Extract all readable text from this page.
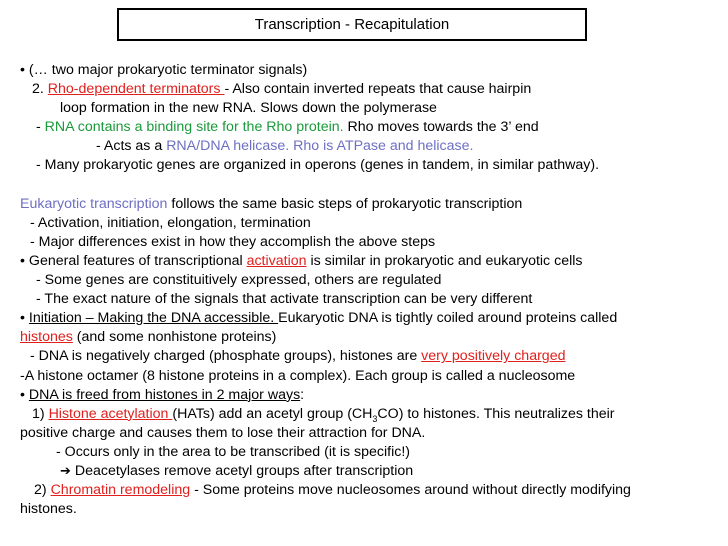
Transcription - Recapitulation
• (… two major prokaryotic terminator signals)
2. Rho-dependent terminators - Also contain inverted repeats that cause hairpin
loop formation in the new RNA. Slows down the polymerase
- RNA contains a binding site for the Rho protein. Rho moves towards the 3’ end
- Acts as a RNA/DNA helicase. Rho is ATPase and helicase.
- Many prokaryotic genes are organized in operons (genes in tandem, in similar pathway).
Eukaryotic transcription follows the same basic steps of prokaryotic transcription
- Activation, initiation, elongation, termination
- Major differences exist in how they accomplish the above steps
• General features of transcriptional activation is similar in prokaryotic and eukaryotic cells
- Some genes are constituitively expressed, others are regulated
- The exact nature of the signals that activate transcription can be very different
• Initiation – Making the DNA accessible. Eukaryotic DNA is tightly coiled around proteins called
histones (and some nonhistone proteins)
- DNA is negatively charged (phosphate groups), histones are very positively charged
-A histone octamer (8 histone proteins in a complex). Each group is called a nucleosome
• DNA is freed from histones in 2 major ways:
1) Histone acetylation (HATs) add an acetyl group $(CH_3CO)$ to histones. This neutralizes their
positive charge and causes them to lose their attraction for DNA.
- Occurs only in the area to be transcribed (it is specific!)
➔ Deacetylases remove acetyl groups after transcription
2) Chromatin remodeling - Some proteins move nucleosomes around without directly modifying
histones.
